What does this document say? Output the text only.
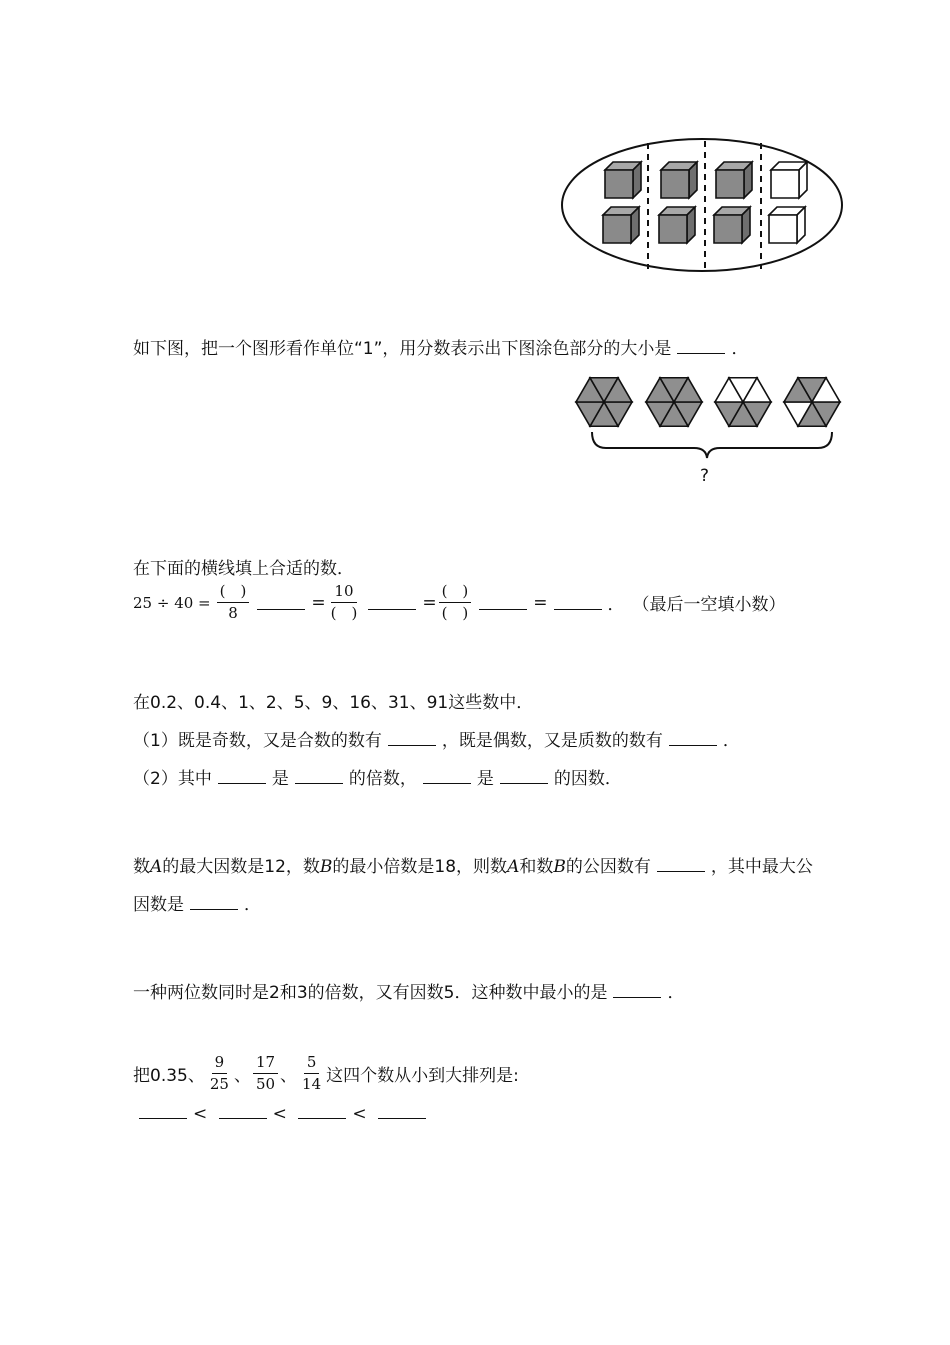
如下图，把一个图形看作单位“1”，用分数表示出下图涂色部分的大小是	．
?
在下面的横线填上合适的数．
$25 \div 40 = \frac{( )}{8}$	= $\frac{10}{( )}$	= $\frac{( )}{( )}$	=	． （最后一空填小数）
在0.2、0.4、1、2、5、9、16、31、91这些数中．
（1）既是奇数，又是合数的数有	，既是偶数，又是质数的数有	．
（2）其中	是	的倍数，	是	的因数．
数A的最大因数是12，数B的最小倍数是18，则数A和数B的公因数有	，其中最大公
因数是	．
一种两位数同时是2和3的倍数，又有因数5．这种数中最小的是	．
把0.35、 $\frac{9}{25}$ 、 $\frac{17}{50}$ 、 $\frac{5}{14}$ 这四个数从小到大排列是:
<	<	<
